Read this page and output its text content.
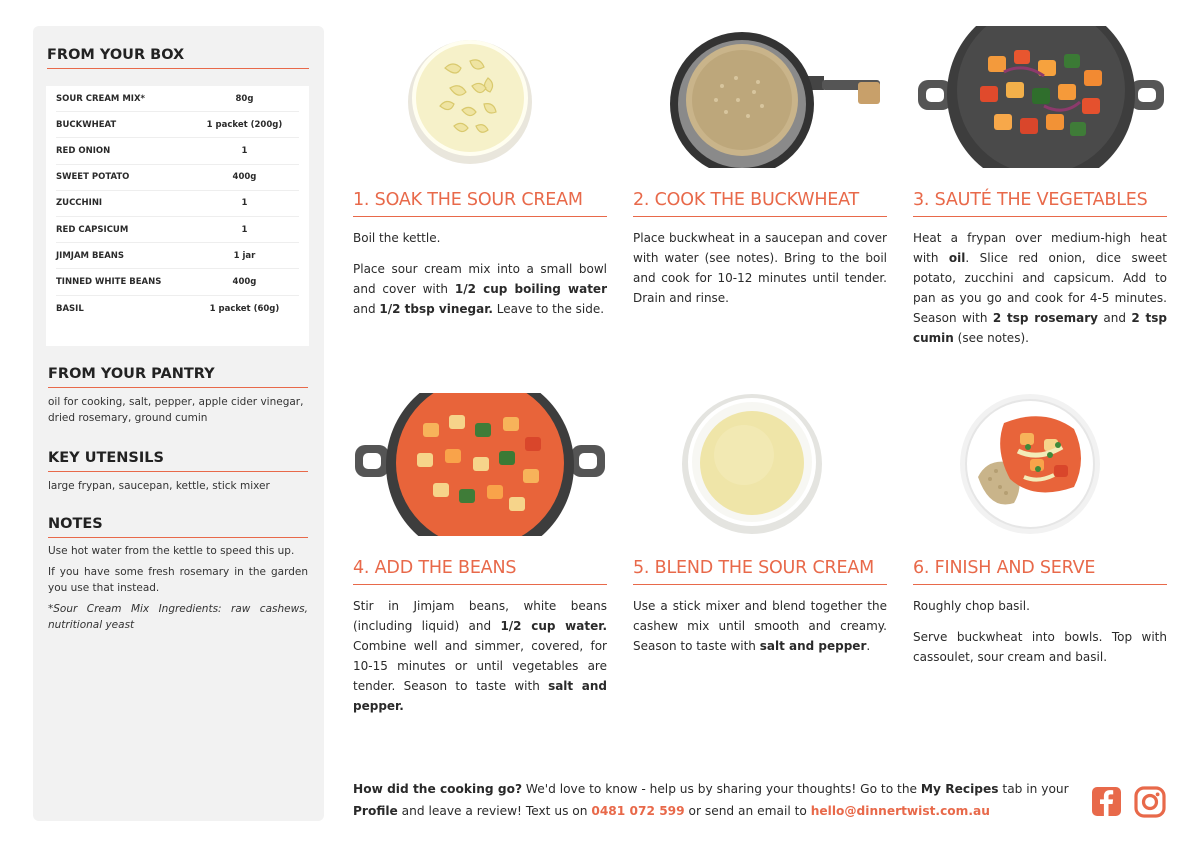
FROM YOUR BOX
SOUR CREAM MIX*	80g
BUCKWHEAT	1 packet (200g)
RED ONION	1
SWEET POTATO	400g
ZUCCHINI	1
RED CAPSICUM	1
JIMJAM BEANS	1 jar
TINNED WHITE BEANS	400g
BASIL	1 packet (60g)
FROM YOUR PANTRY

oil for cooking, salt, pepper, apple cider vinegar, dried rosemary, ground cumin

KEY UTENSILS

large frypan, saucepan, kettle, stick mixer

NOTES

Use hot water from the kettle to speed this up.

If you have some fresh rosemary in the garden you use that instead.

*Sour Cream Mix Ingredients: raw cashews, nutritional yeast

1. SOAK THE SOUR CREAM

Boil the kettle.

Place sour cream mix into a small bowl and cover with 1/2 cup boiling water and 1/2 tbsp vinegar. Leave to the side.

2. COOK THE BUCKWHEAT

Place buckwheat in a saucepan and cover with water (see notes). Bring to the boil and cook for 10-12 minutes until tender. Drain and rinse.

3. SAUTÉ THE VEGETABLES

Heat a frypan over medium-high heat with oil. Slice red onion, dice sweet potato, zucchini and capsicum. Add to pan as you go and cook for 4-5 minutes. Season with 2 tsp rosemary and 2 tsp cumin (see notes).

4. ADD THE BEANS

Stir in Jimjam beans, white beans (including liquid) and 1/2 cup water. Combine well and simmer, covered, for 10-15 minutes or until vegetables are tender. Season to taste with salt and pepper.

5. BLEND THE SOUR CREAM

Use a stick mixer and blend together the cashew mix until smooth and creamy. Season to taste with salt and pepper.

6. FINISH AND SERVE

Roughly chop basil.

Serve buckwheat into bowls. Top with cassoulet, sour cream and basil.

How did the cooking go? We'd love to know - help us by sharing your thoughts! Go to the My Recipes tab in your Profile and leave a review! Text us on 0481 072 599 or send an email to hello@dinnertwist.com.au
